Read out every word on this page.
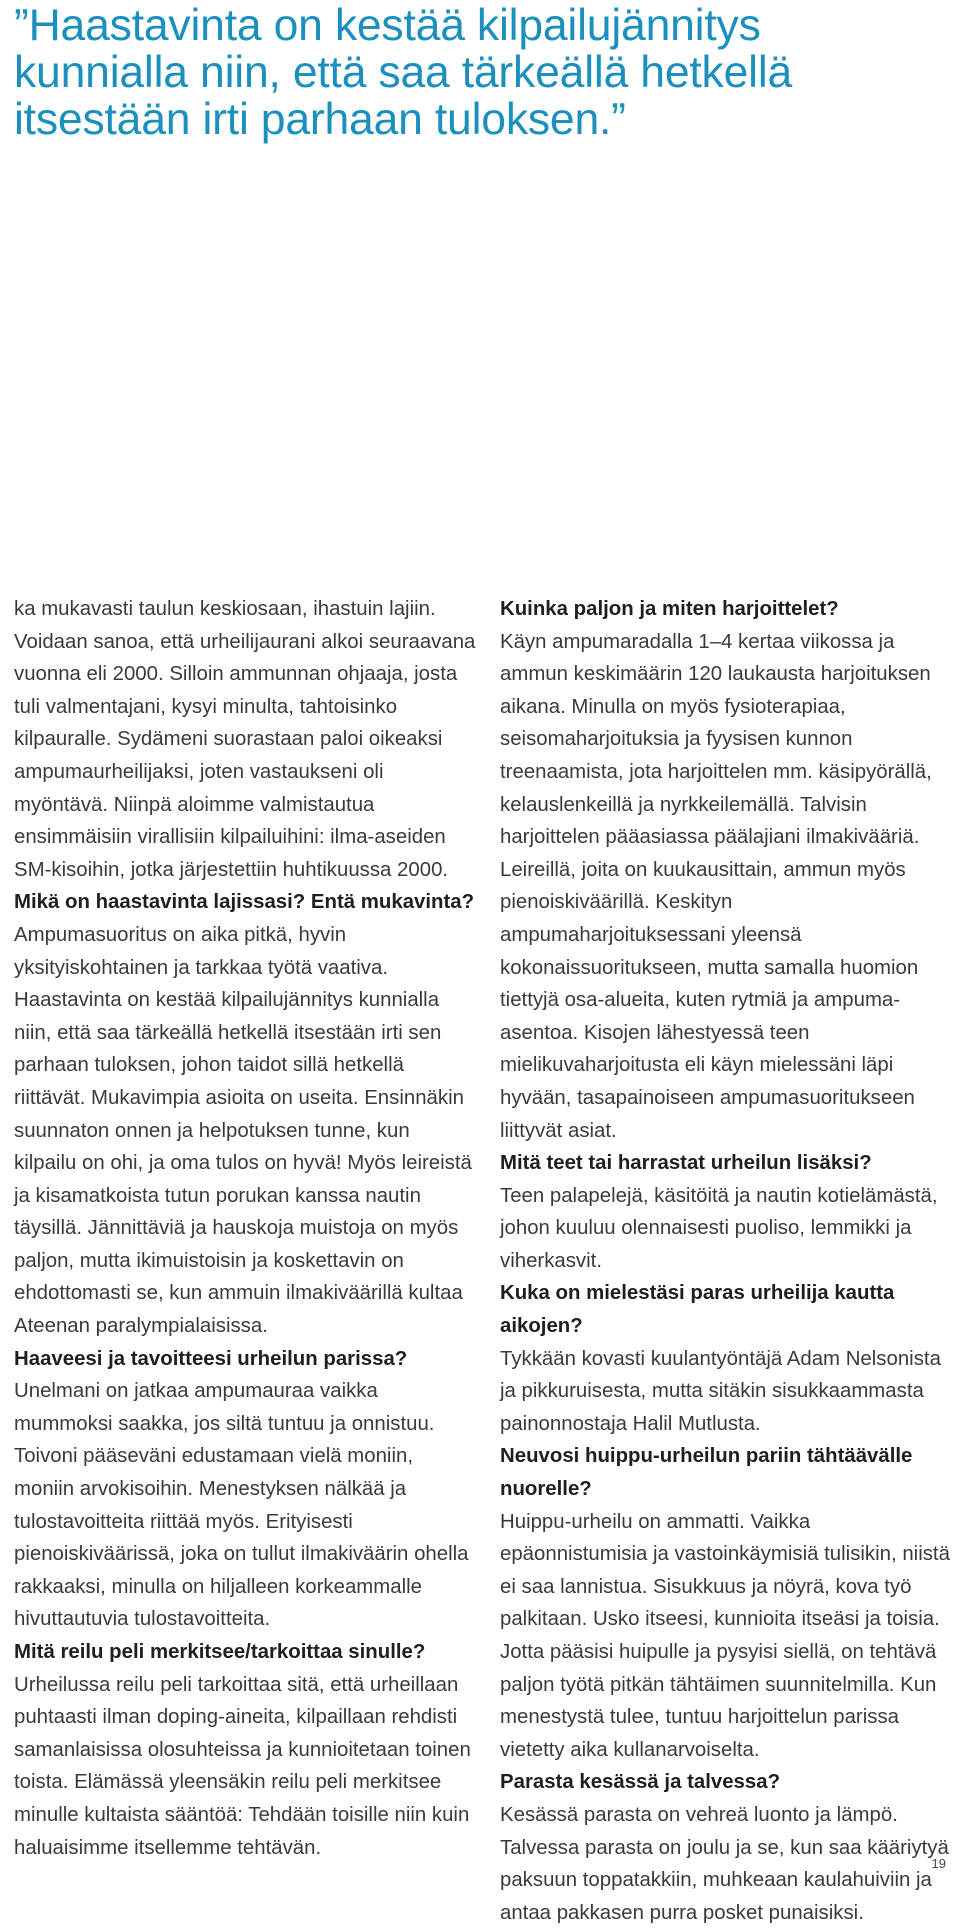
”Haastavinta on kestää kilpailujännitys kunnialla niin, että saa tärkeällä hetkellä itsestään irti parhaan tuloksen.”

ka mukavasti taulun keskiosaan, ihastuin lajiin. Voidaan sanoa, että urheilijaurani alkoi seuraavana vuonna eli 2000. Silloin ammunnan ohjaaja, josta tuli valmentajani, kysyi minulta, tahtoisinko kilpauralle. Sydämeni suorastaan paloi oikeaksi ampumaurheilijaksi, joten vastaukseni oli myöntävä. Niinpä aloimme valmistautua ensimmäisiin virallisiin kilpailuihini: ilma-aseiden SM-kisoihin, jotka järjestettiin huhtikuussa 2000.

Mikä on haastavinta lajissasi? Entä mukavinta?

Ampumasuoritus on aika pitkä, hyvin yksityiskohtainen ja tarkkaa työtä vaativa. Haastavinta on kestää kilpailujännitys kunnialla niin, että saa tärkeällä hetkellä itsestään irti sen parhaan tuloksen, johon taidot sillä hetkellä riittävät. Mukavimpia asioita on useita. Ensinnäkin suunnaton onnen ja helpotuksen tunne, kun kilpailu on ohi, ja oma tulos on hyvä! Myös leireistä ja kisamatkoista tutun porukan kanssa nautin täysillä. Jännittäviä ja hauskoja muistoja on myös paljon, mutta ikimuistoisin ja koskettavin on ehdottomasti se, kun ammuin ilmakiväärillä kultaa Ateenan paralympialaisissa.

Haaveesi ja tavoitteesi urheilun parissa?

Unelmani on jatkaa ampumauraa vaikka mummoksi saakka, jos siltä tuntuu ja onnistuu. Toivoni pääseväni edustamaan vielä moniin, moniin arvokisoihin. Menestyksen nälkää ja tulostavoitteita riittää myös. Erityisesti pienoiskiväärissä, joka on tullut ilmakiväärin ohella rakkaaksi, minulla on hiljalleen korkeammalle hivuttautuvia tulostavoitteita.

Mitä reilu peli merkitsee/tarkoittaa sinulle?

Urheilussa reilu peli tarkoittaa sitä, että urheillaan puhtaasti ilman doping-aineita, kilpaillaan rehdisti samanlaisissa olosuhteissa ja kunnioitetaan toinen toista. Elämässä yleensäkin reilu peli merkitsee minulle kultaista sääntöä: Tehdään toisille niin kuin haluaisimme itsellemme tehtävän.

Kuinka paljon ja miten harjoittelet?

Käyn ampumaradalla 1–4 kertaa viikossa ja ammun keskimäärin 120 laukausta harjoituksen aikana. Minulla on myös fysioterapiaa, seisomaharjoituksia ja fyysisen kunnon treenaamista, jota harjoittelen mm. käsipyörällä, kelauslenkeillä ja nyrkkeilemällä. Talvisin harjoittelen pääasiassa päälajiani ilmakivääriä. Leireillä, joita on kuukausittain, ammun myös pienoiskiväärillä. Keskityn ampumaharjoituksessani yleensä kokonaissuoritukseen, mutta samalla huomion tiettyjä osa-alueita, kuten rytmiä ja ampuma-asentoa. Kisojen lähestyessä teen mielikuvaharjoitusta eli käyn mielessäni läpi hyvään, tasapainoiseen ampumasuoritukseen liittyvät asiat.

Mitä teet tai harrastat urheilun lisäksi?

Teen palapelejä, käsitöitä ja nautin kotielämästä, johon kuuluu olennaisesti puoliso, lemmikki ja viherkasvit.

Kuka on mielestäsi paras urheilija kautta aikojen?

Tykkään kovasti kuulantyöntäjä Adam Nelsonista ja pikkuruisesta, mutta sitäkin sisukkaammasta painonnostaja Halil Mutlusta.

Neuvosi huippu-urheilun pariin tähtäävälle nuorelle?

Huippu-urheilu on ammatti. Vaikka epäonnistumisia ja vastoinkäymisiä tulisikin, niistä ei saa lannistua. Sisukkuus ja nöyrä, kova työ palkitaan. Usko itseesi, kunnioita itseäsi ja toisia. Jotta pääsisi huipulle ja pysyisi siellä, on tehtävä paljon työtä pitkän tähtäimen suunnitelmilla. Kun menestystä tulee, tuntuu harjoittelun parissa vietetty aika kullanarvoiselta.

Parasta kesässä ja talvessa?

Kesässä parasta on vehreä luonto ja lämpö. Talvessa parasta on joulu ja se, kun saa kääriytyä paksuun toppatakkiin, muhkeaan kaulahuiviin ja antaa pakkasen purra posket punaisiksi.

19
